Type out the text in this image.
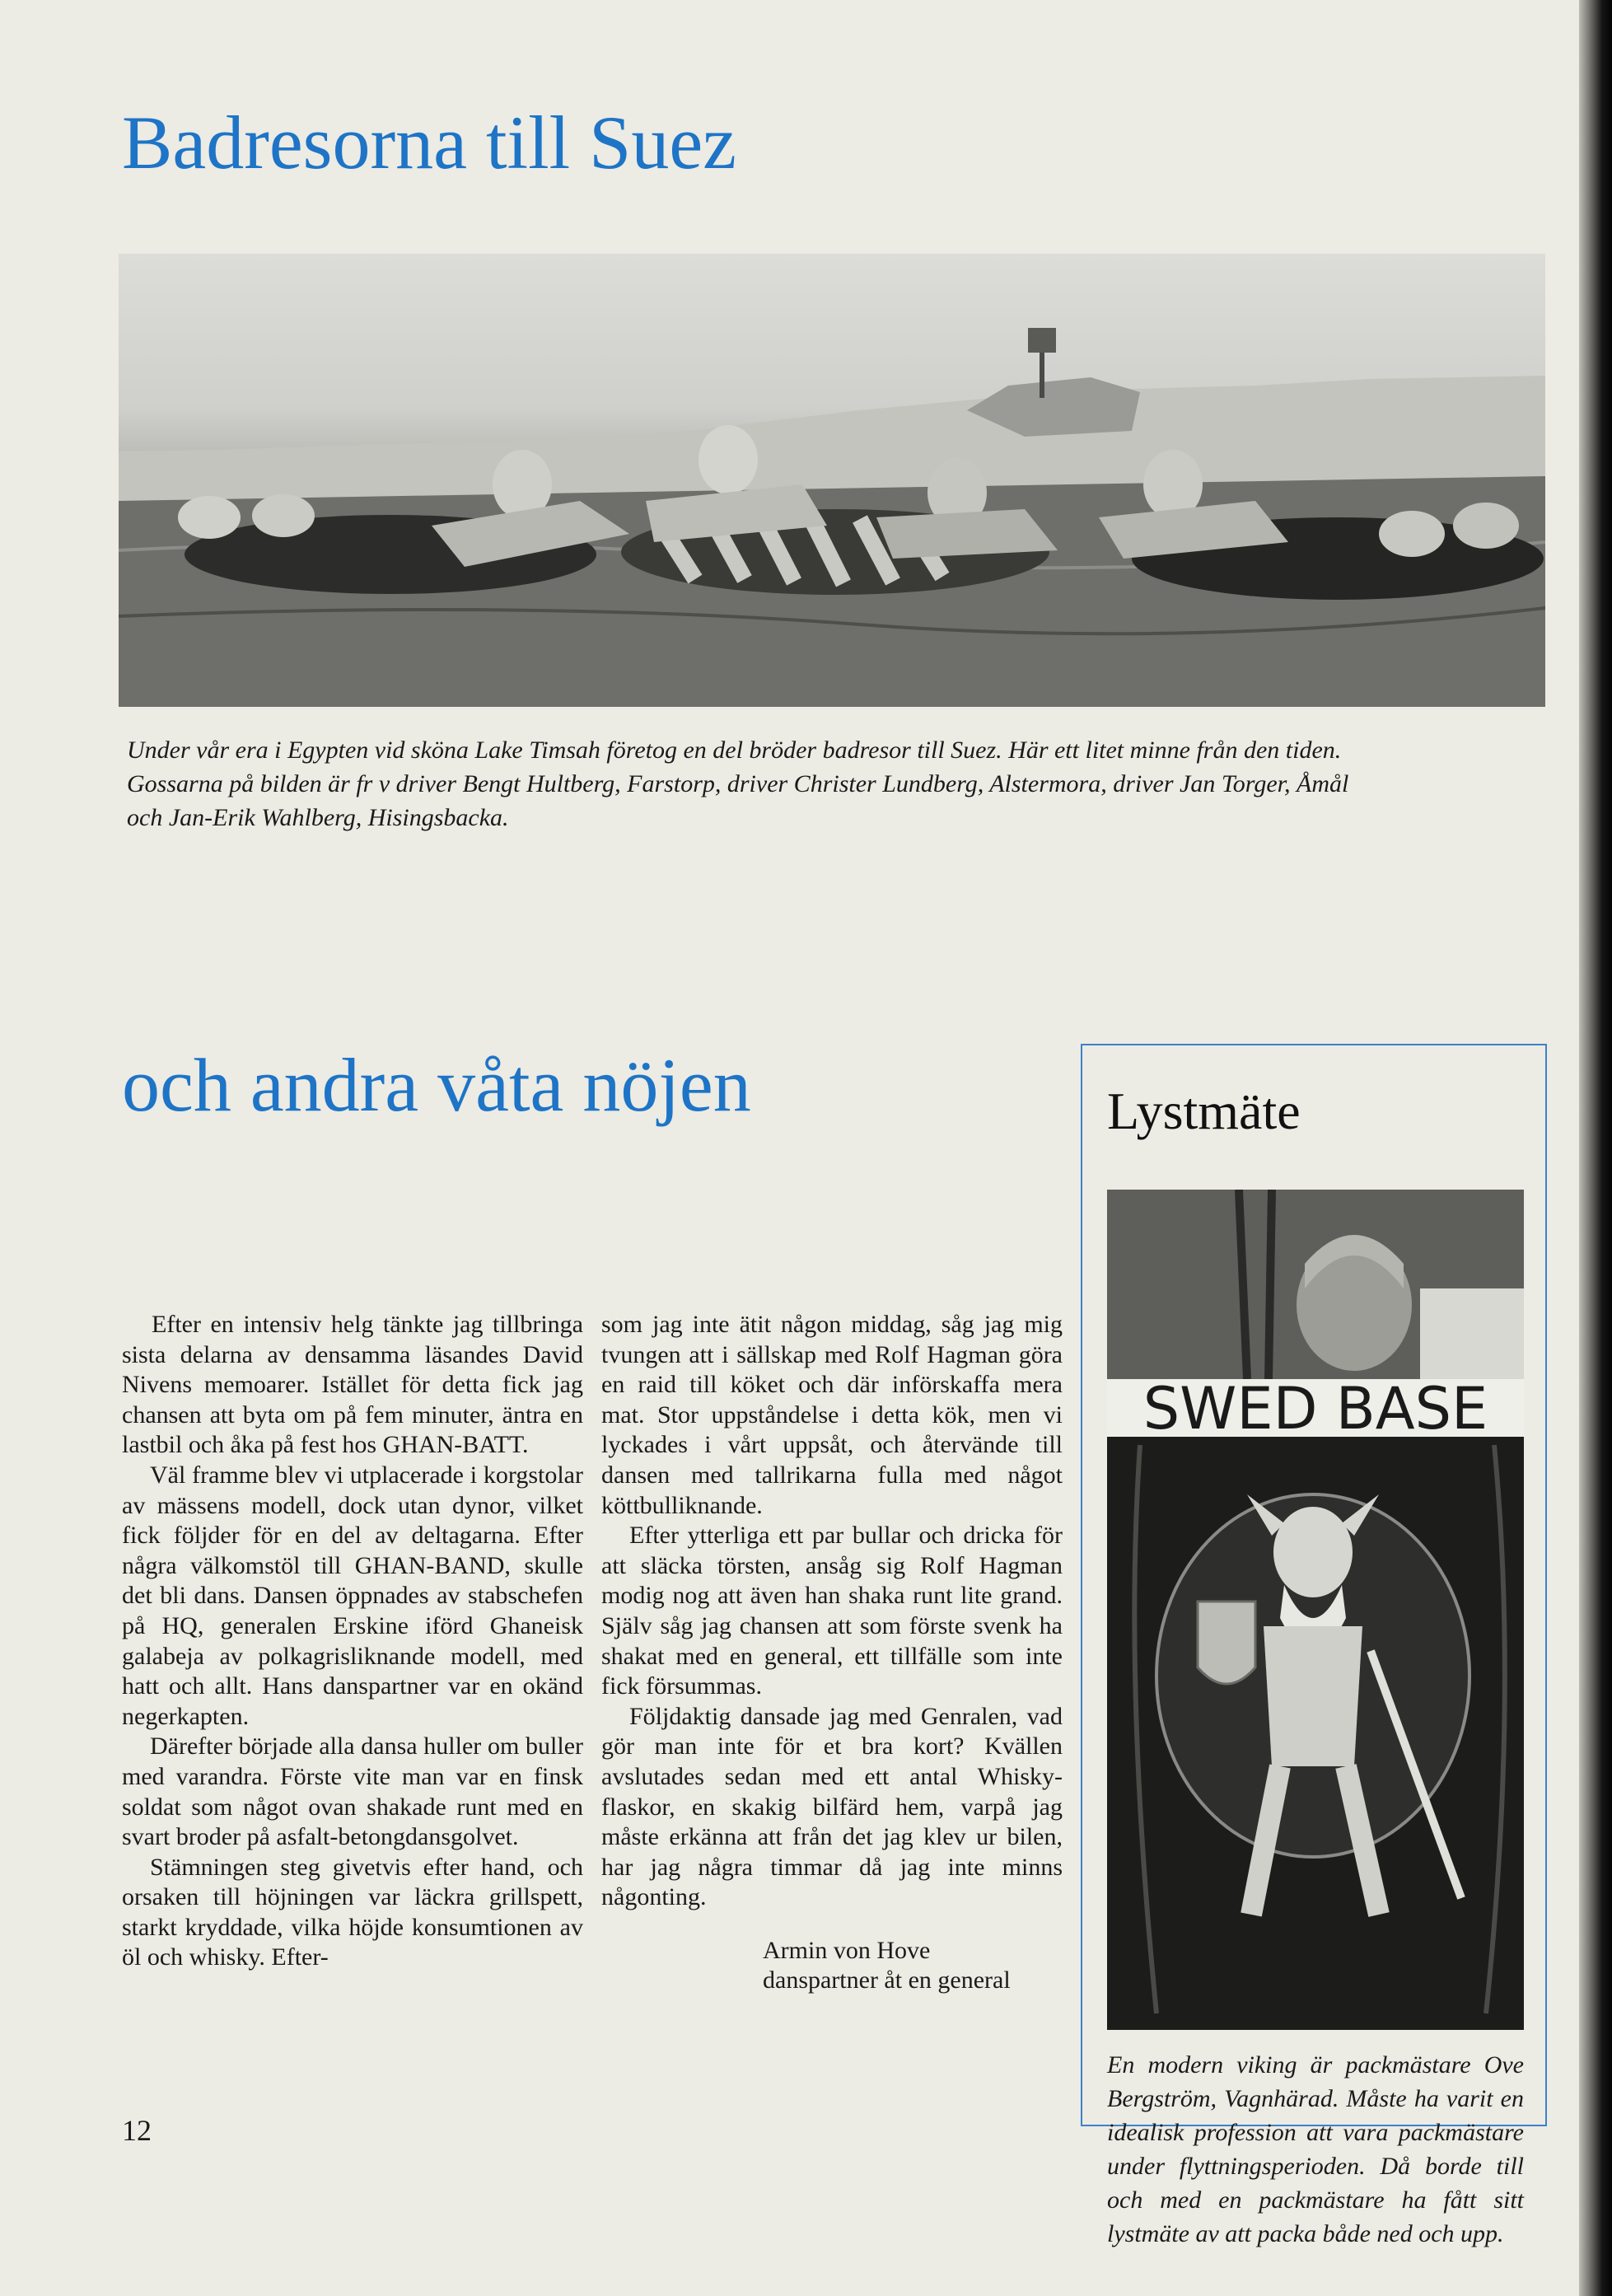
Badresorna till Suez

Under vår era i Egypten vid sköna Lake Timsah företog en del bröder badresor till Suez. Här ett litet minne från den tiden.
Gossarna på bilden är fr v driver Bengt Hultberg, Farstorp, driver Christer Lundberg, Alstermora, driver Jan Torger, Åmål
och Jan-Erik Wahlberg, Hisingsbacka.

och andra våta nöjen

Efter en intensiv helg tänkte jag tillbringa sista delarna av densamma läsandes David Nivens memoarer. Istället för detta fick jag chansen att byta om på fem minuter, äntra en lastbil och åka på fest hos GHAN-BATT.

Väl framme blev vi utplacerade i korgstolar av mässens modell, dock utan dynor, vilket fick följder för en del av deltagarna. Efter några välkomstöl till GHAN-BAND, skulle det bli dans. Dansen öppnades av stabschefen på HQ, generalen Erskine iförd Ghaneisk galabeja av polkagrisliknande modell, med hatt och allt. Hans danspartner var en okänd negerkapten.

Därefter började alla dansa huller om buller med varandra. Förste vite man var en finsk soldat som något ovan shakade runt med en svart broder på asfalt-betongdansgolvet.

Stämningen steg givetvis efter hand, och orsaken till höjningen var läckra grillspett, starkt kryddade, vilka höjde konsumtionen av öl och whisky. Efter-

som jag inte ätit någon middag, såg jag mig tvungen att i sällskap med Rolf Hagman göra en raid till köket och där införskaffa mera mat. Stor uppståndelse i detta kök, men vi lyckades i vårt uppsåt, och återvände till dansen med tallrikarna fulla med något köttbulliknande.

Efter ytterliga ett par bullar och dricka för att släcka törsten, ansåg sig Rolf Hagman modig nog att även han shaka runt lite grand. Själv såg jag chansen att som förste svenk ha shakat med en general, ett tillfälle som inte fick försummas.

Följdaktig dansade jag med Genralen, vad gör man inte för et bra kort? Kvällen avslutades sedan med ett antal Whisky-flaskor, en skakig bilfärd hem, varpå jag måste erkänna att från det jag klev ur bilen, har jag några timmar då jag inte minns någonting.

Armin von Hove
danspartner åt en general

Lystmäte
SWED BASE

En modern viking är packmästare Ove Bergström, Vagnhärad. Måste ha varit en idealisk profession att vara packmästare under flyttningsperioden. Då borde till och med en packmästare ha fått sitt lystmäte av att packa både ned och upp.

12
